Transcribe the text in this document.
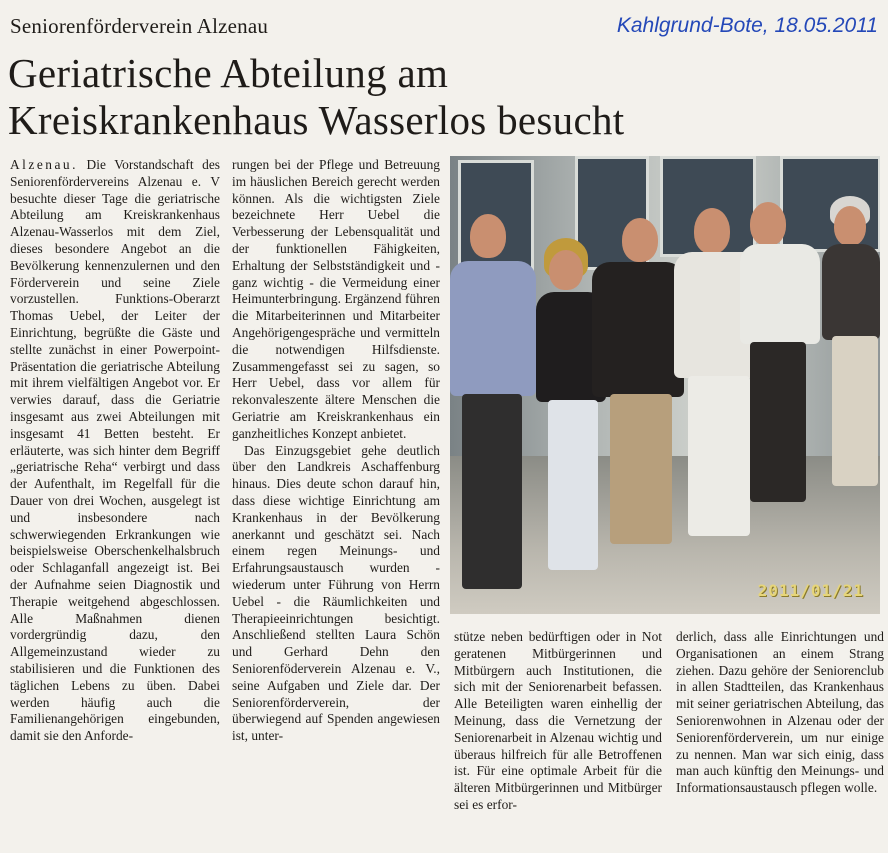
Seniorenförderverein Alzenau	Kahlgrund-Bote, 18.05.2011
Geriatrische Abteilung am
Kreiskrankenhaus Wasserlos besucht

Alzenau. Die Vorstandschaft des Seniorenfördervereins Alzenau e. V besuchte dieser Tage die geriatrische Abteilung am Kreiskrankenhaus Alzenau-Wasserlos mit dem Ziel, dieses besondere Angebot an die Bevölkerung kennenzulernen und den Förderverein und seine Ziele vorzustellen. Funktions-Oberarzt Thomas Uebel, der Leiter der Einrichtung, begrüßte die Gäste und stellte zunächst in einer Powerpoint-Präsentation die geriatrische Abteilung mit ihrem vielfältigen Angebot vor. Er verwies darauf, dass die Geriatrie insgesamt aus zwei Abteilungen mit insgesamt 41 Betten besteht. Er erläuterte, was sich hinter dem Begriff „geriatrische Reha“ verbirgt und dass der Aufenthalt, im Regelfall für die Dauer von drei Wochen, ausgelegt ist und insbesondere nach schwerwiegenden Erkrankungen wie beispielsweise Oberschenkelhalsbruch oder Schlaganfall angezeigt ist. Bei der Aufnahme seien Diagnostik und Therapie weitgehend abgeschlossen. Alle Maßnahmen dienen vordergründig dazu, den Allgemeinzustand wieder zu stabilisieren und die Funktionen des täglichen Lebens zu üben. Dabei werden häufig auch die Familienangehörigen eingebunden, damit sie den Anforde-

rungen bei der Pflege und Betreuung im häuslichen Bereich gerecht werden können. Als die wichtigsten Ziele bezeichnete Herr Uebel die Verbesserung der Lebensqualität und der funktionellen Fähigkeiten, Erhaltung der Selbstständigkeit und - ganz wichtig - die Vermeidung einer Heimunterbringung. Ergänzend führen die Mitarbeiterinnen und Mitarbeiter Angehörigengespräche und vermitteln die notwendigen Hilfsdienste. Zusammengefasst sei zu sagen, so Herr Uebel, dass vor allem für rekonvaleszente ältere Menschen die Geriatrie am Kreiskrankenhaus ein ganzheitliches Konzept anbietet.

Das Einzugsgebiet gehe deutlich über den Landkreis Aschaffenburg hinaus. Dies deute schon darauf hin, dass diese wichtige Einrichtung am Krankenhaus in der Bevölkerung anerkannt und geschätzt sei. Nach einem regen Meinungs- und Erfahrungsaustausch wurden - wiederum unter Führung von Herrn Uebel - die Räumlichkeiten und Therapieeinrichtungen besichtigt. Anschließend stellten Laura Schön und Gerhard Dehn den Seniorenföderverein Alzenau e. V., seine Aufgaben und Ziele dar. Der Seniorenförderverein, der überwiegend auf Spenden angewiesen ist, unter-

2011/01/21

stütze neben bedürftigen oder in Not geratenen Mitbürgerinnen und Mitbürgern auch Institutionen, die sich mit der Seniorenarbeit befassen. Alle Beteiligten waren einhellig der Meinung, dass die Vernetzung der Seniorenarbeit in Alzenau wichtig und überaus hilfreich für alle Betroffenen ist. Für eine optimale Arbeit für die älteren Mitbürgerinnen und Mitbürger sei es erfor-

derlich, dass alle Einrichtungen und Organisationen an einem Strang ziehen. Dazu gehöre der Seniorenclub in allen Stadtteilen, das Krankenhaus mit seiner geriatrischen Abteilung, das Seniorenwohnen in Alzenau oder der Seniorenförderverein, um nur einige zu nennen. Man war sich einig, dass man auch künftig den Meinungs- und Informationsaustausch pflegen wolle.
